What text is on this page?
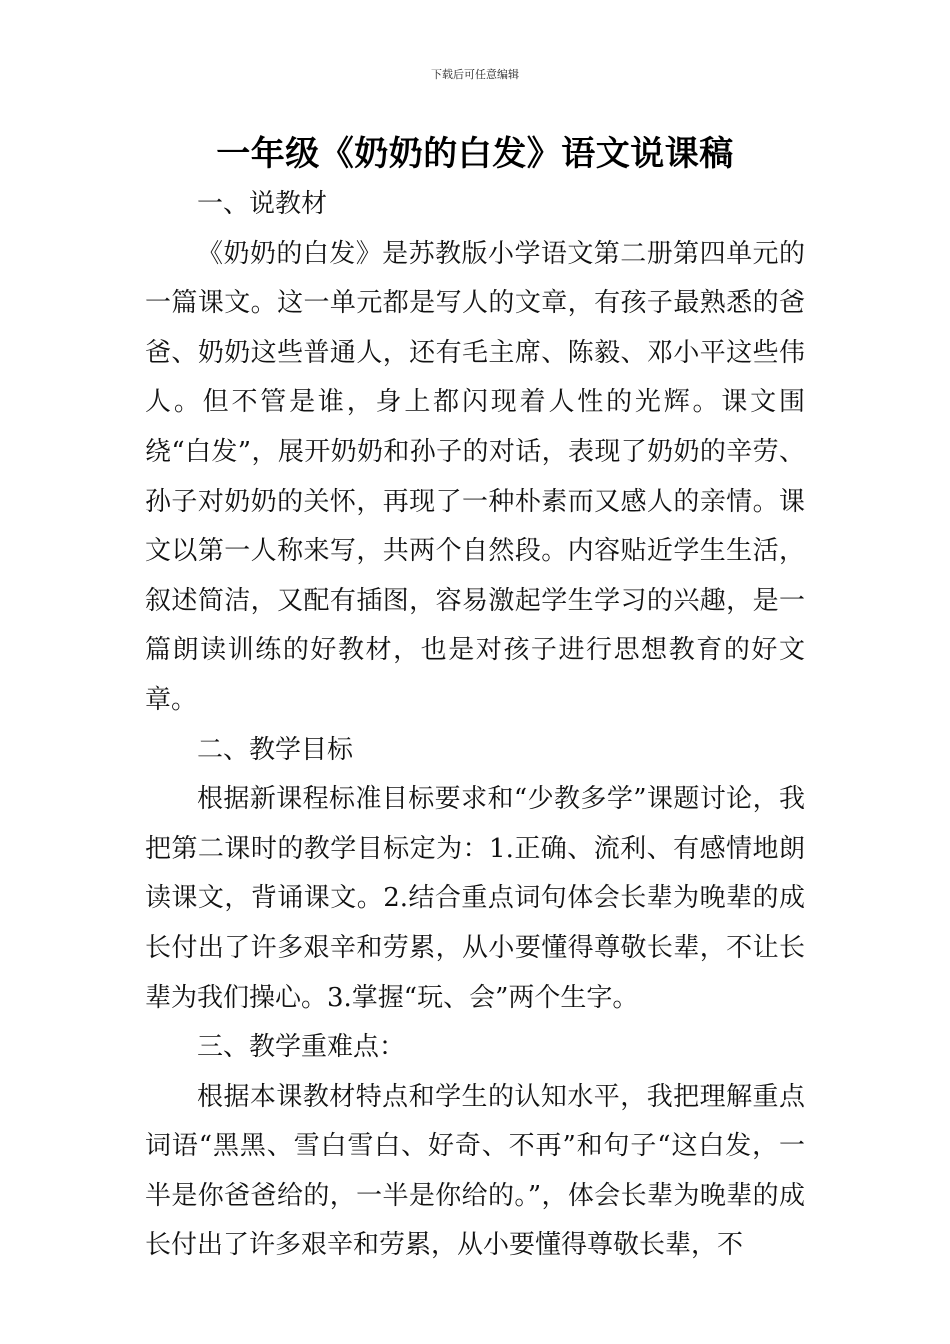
下载后可任意编辑
一年级《奶奶的白发》语文说课稿

一、说教材

《奶奶的白发》是苏教版小学语文第二册第四单元的一篇课文。这一单元都是写人的文章，有孩子最熟悉的爸爸、奶奶这些普通人，还有毛主席、陈毅、邓小平这些伟人。但不管是谁，身上都闪现着人性的光辉。课文围绕“白发”，展开奶奶和孙子的对话，表现了奶奶的辛劳、孙子对奶奶的关怀，再现了一种朴素而又感人的亲情。课文以第一人称来写，共两个自然段。内容贴近学生生活，叙述简洁，又配有插图，容易激起学生学习的兴趣，是一篇朗读训练的好教材，也是对孩子进行思想教育的好文章。

二、教学目标

根据新课程标准目标要求和“少教多学”课题讨论，我把第二课时的教学目标定为：1.正确、流利、有感情地朗读课文，背诵课文。2.结合重点词句体会长辈为晚辈的成长付出了许多艰辛和劳累，从小要懂得尊敬长辈，不让长辈为我们操心。3.掌握“玩、会”两个生字。

三、教学重难点：

根据本课教材特点和学生的认知水平，我把理解重点词语“黑黑、雪白雪白、好奇、不再”和句子“这白发，一半是你爸爸给的，一半是你给的。”，体会长辈为晚辈的成长付出了许多艰辛和劳累，从小要懂得尊敬长辈，不
